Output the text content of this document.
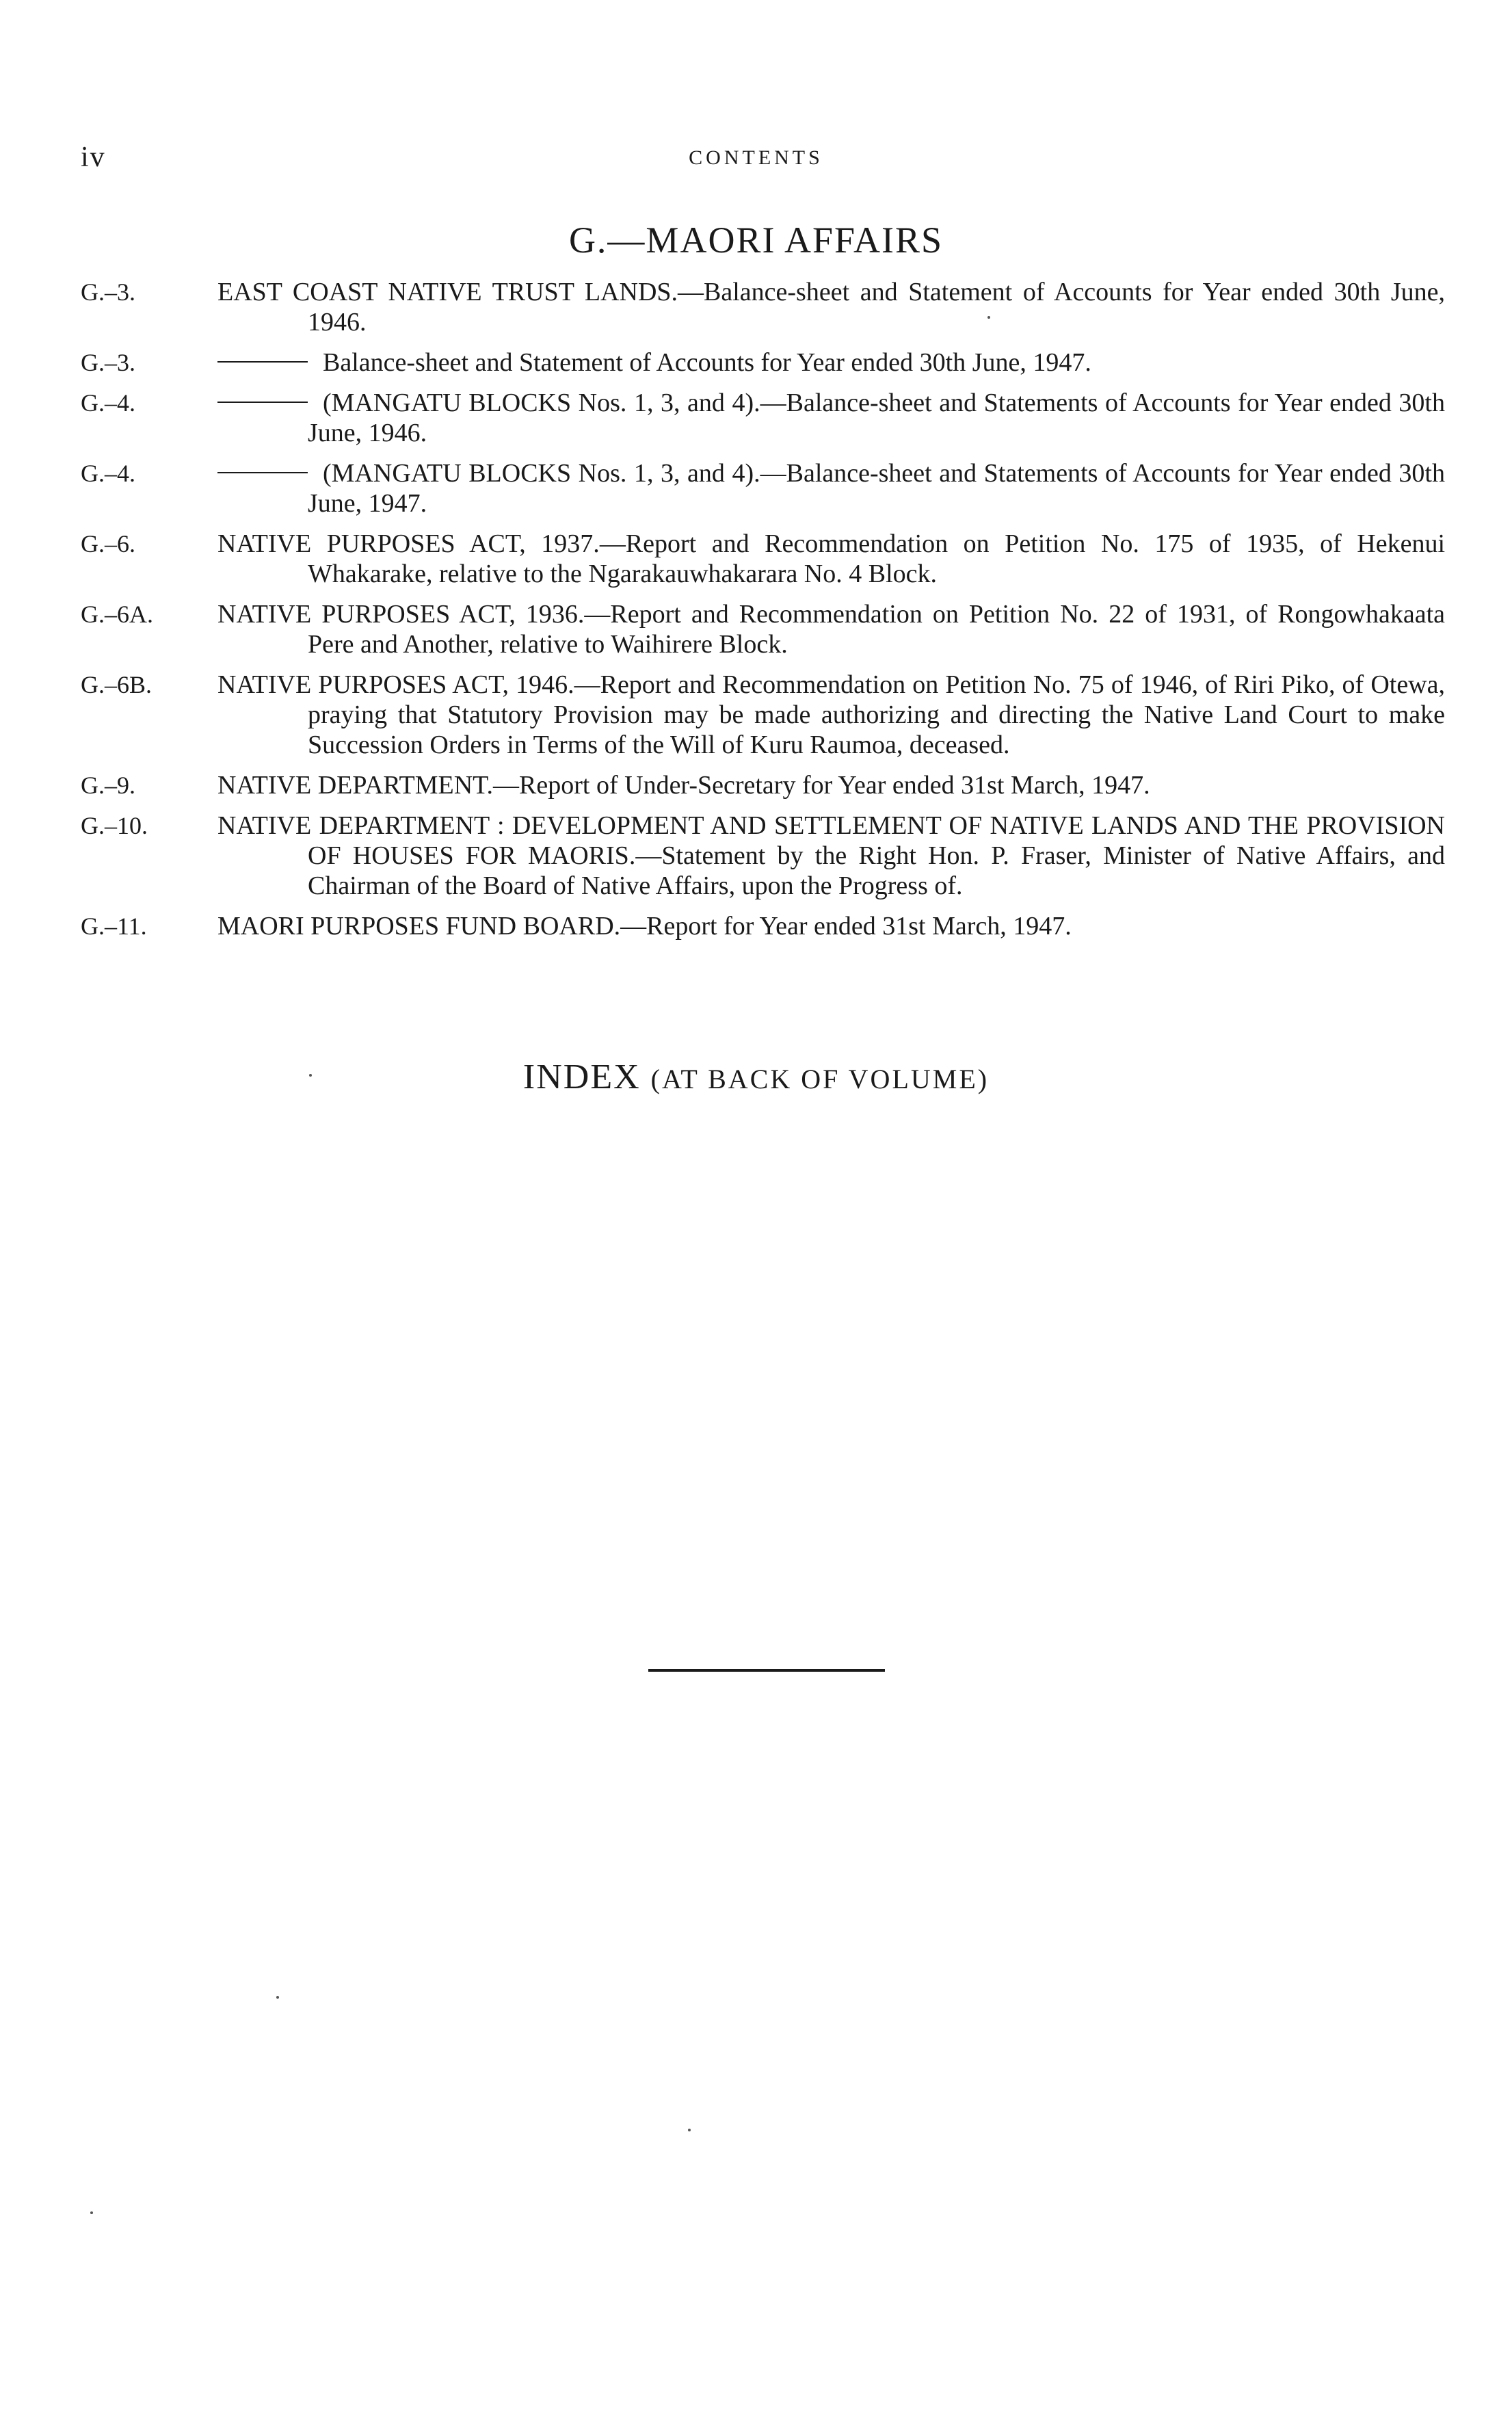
iv	CONTENTS
G.—MAORI AFFAIRS
G.–3.	EAST COAST NATIVE TRUST LANDS.—Balance-sheet and Statement of Accounts for Year ended 30th June, 1946.
G.–3.	Balance-sheet and Statement of Accounts for Year ended 30th June, 1947.
G.–4.	(MANGATU BLOCKS Nos. 1, 3, and 4).—Balance-sheet and Statements of Accounts for Year ended 30th June, 1946.
G.–4.	(MANGATU BLOCKS Nos. 1, 3, and 4).—Balance-sheet and Statements of Accounts for Year ended 30th June, 1947.
G.–6.	NATIVE PURPOSES ACT, 1937.—Report and Recommendation on Petition No. 175 of 1935, of Hekenui Whakarake, relative to the Ngarakauwhakarara No. 4 Block.
G.–6A.	NATIVE PURPOSES ACT, 1936.—Report and Recommendation on Petition No. 22 of 1931, of Rongowhakaata Pere and Another, relative to Waihirere Block.
G.–6B.	NATIVE PURPOSES ACT, 1946.—Report and Recommendation on Petition No. 75 of 1946, of Riri Piko, of Otewa, praying that Statutory Provision may be made authorizing and directing the Native Land Court to make Succession Orders in Terms of the Will of Kuru Raumoa, deceased.
G.–9.	NATIVE DEPARTMENT.—Report of Under-Secretary for Year ended 31st March, 1947.
G.–10.	NATIVE DEPARTMENT : DEVELOPMENT AND SETTLEMENT OF NATIVE LANDS AND THE PROVISION OF HOUSES FOR MAORIS.—Statement by the Right Hon. P. Fraser, Minister of Native Affairs, and Chairman of the Board of Native Affairs, upon the Progress of.
G.–11.	MAORI PURPOSES FUND BOARD.—Report for Year ended 31st March, 1947.
INDEX (AT BACK OF VOLUME)
